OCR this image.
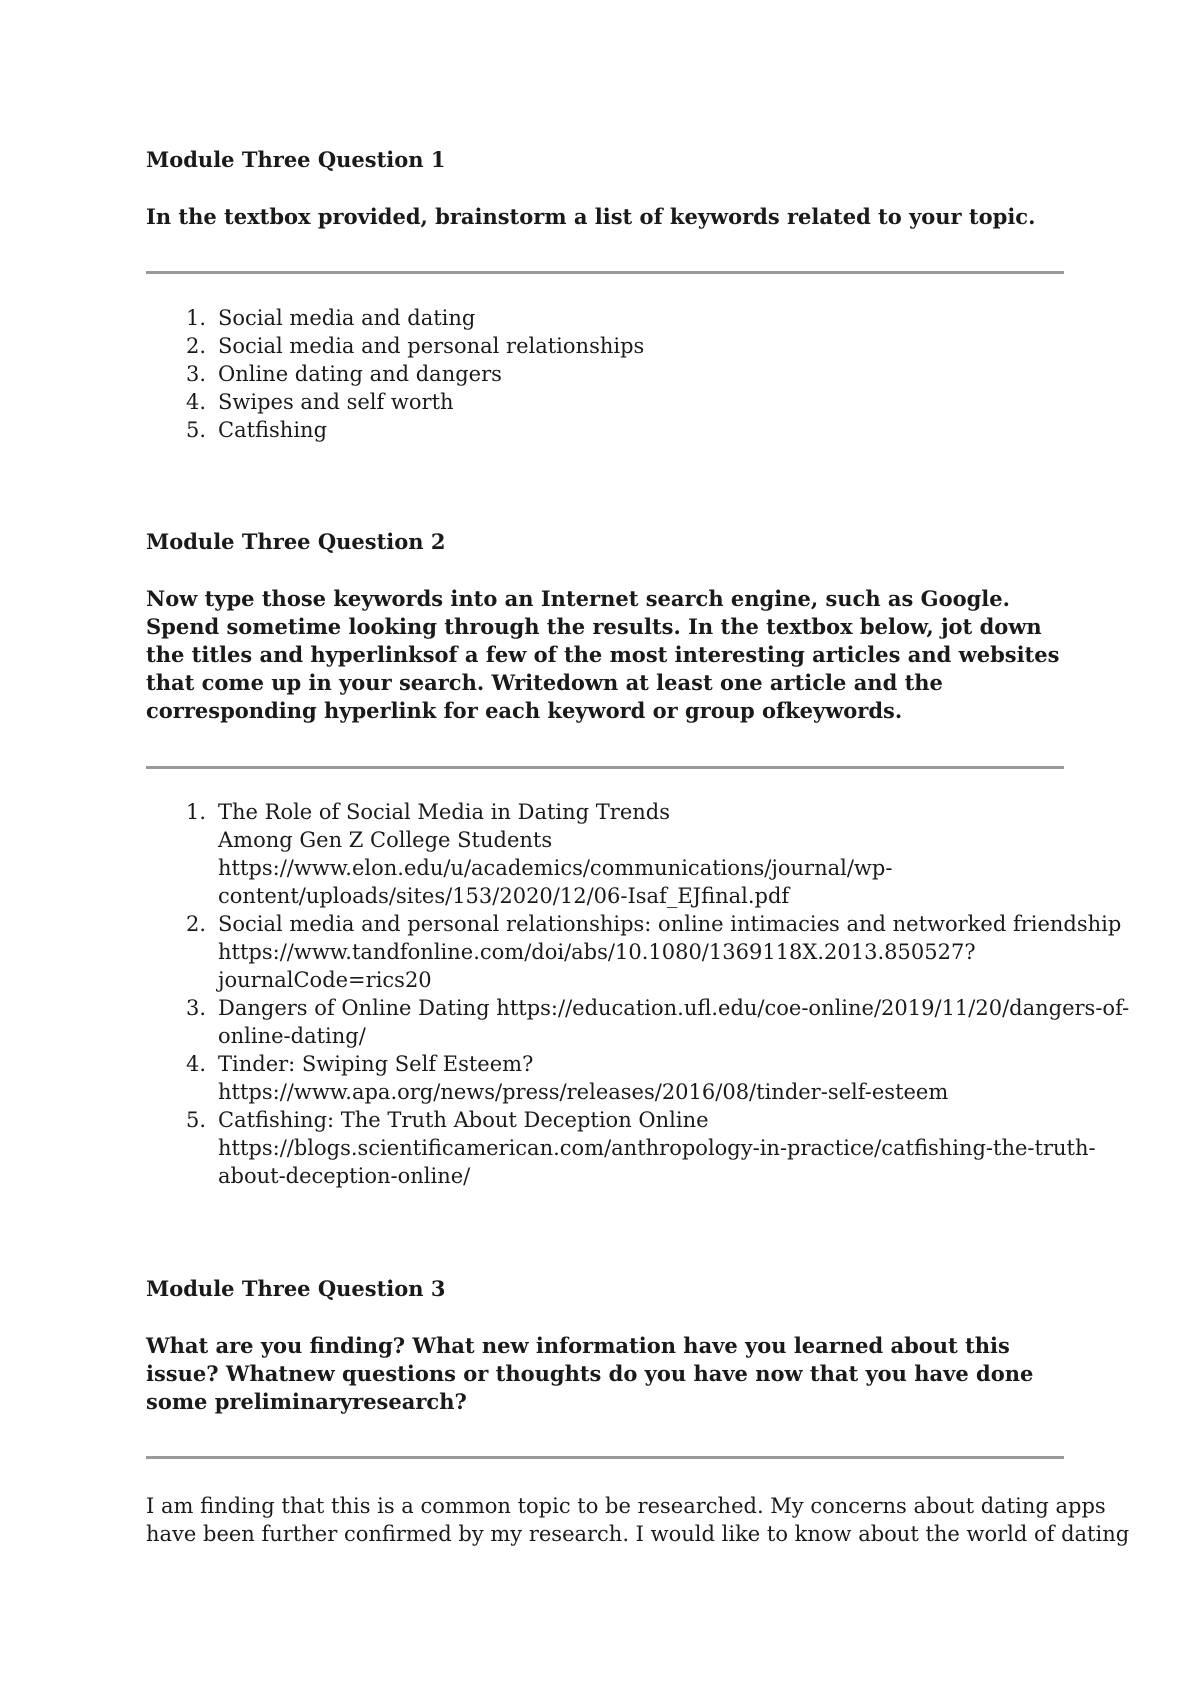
Module Three Question 1

In the textbox provided, brainstorm a list of keywords related to your topic.

1. Social media and dating
2. Social media and personal relationships
3. Online dating and dangers
4. Swipes and self worth
5. Catfishing
Module Three Question 2
Now type those keywords into an Internet search engine, such as Google. Spend sometime looking through the results. In the textbox below, jot down the titles and hyperlinksof a few of the most interesting articles and websites that come up in your search. Writedown at least one article and the corresponding hyperlink for each keyword or group ofkeywords.
1. The Role of Social Media in Dating Trends
Among Gen Z College Students
https://www.elon.edu/u/academics/communications/journal/wp-
content/uploads/sites/153/2020/12/06-Isaf_EJfinal.pdf
2. Social media and personal relationships: online intimacies and networked friendship
https://www.tandfonline.com/doi/abs/10.1080/1369118X.2013.850527?
journalCode=rics20
3. Dangers of Online Dating https://education.ufl.edu/coe-online/2019/11/20/dangers-of-
online-dating/
4. Tinder: Swiping Self Esteem?
https://www.apa.org/news/press/releases/2016/08/tinder-self-esteem
5. Catfishing: The Truth About Deception Online
https://blogs.scientificamerican.com/anthropology-in-practice/catfishing-the-truth-
about-deception-online/
Module Three Question 3
What are you finding? What new information have you learned about this issue? Whatnew questions or thoughts do you have now that you have done some preliminaryresearch?
I am finding that this is a common topic to be researched. My concerns about dating apps
have been further confirmed by my research. I would like to know about the world of dating
